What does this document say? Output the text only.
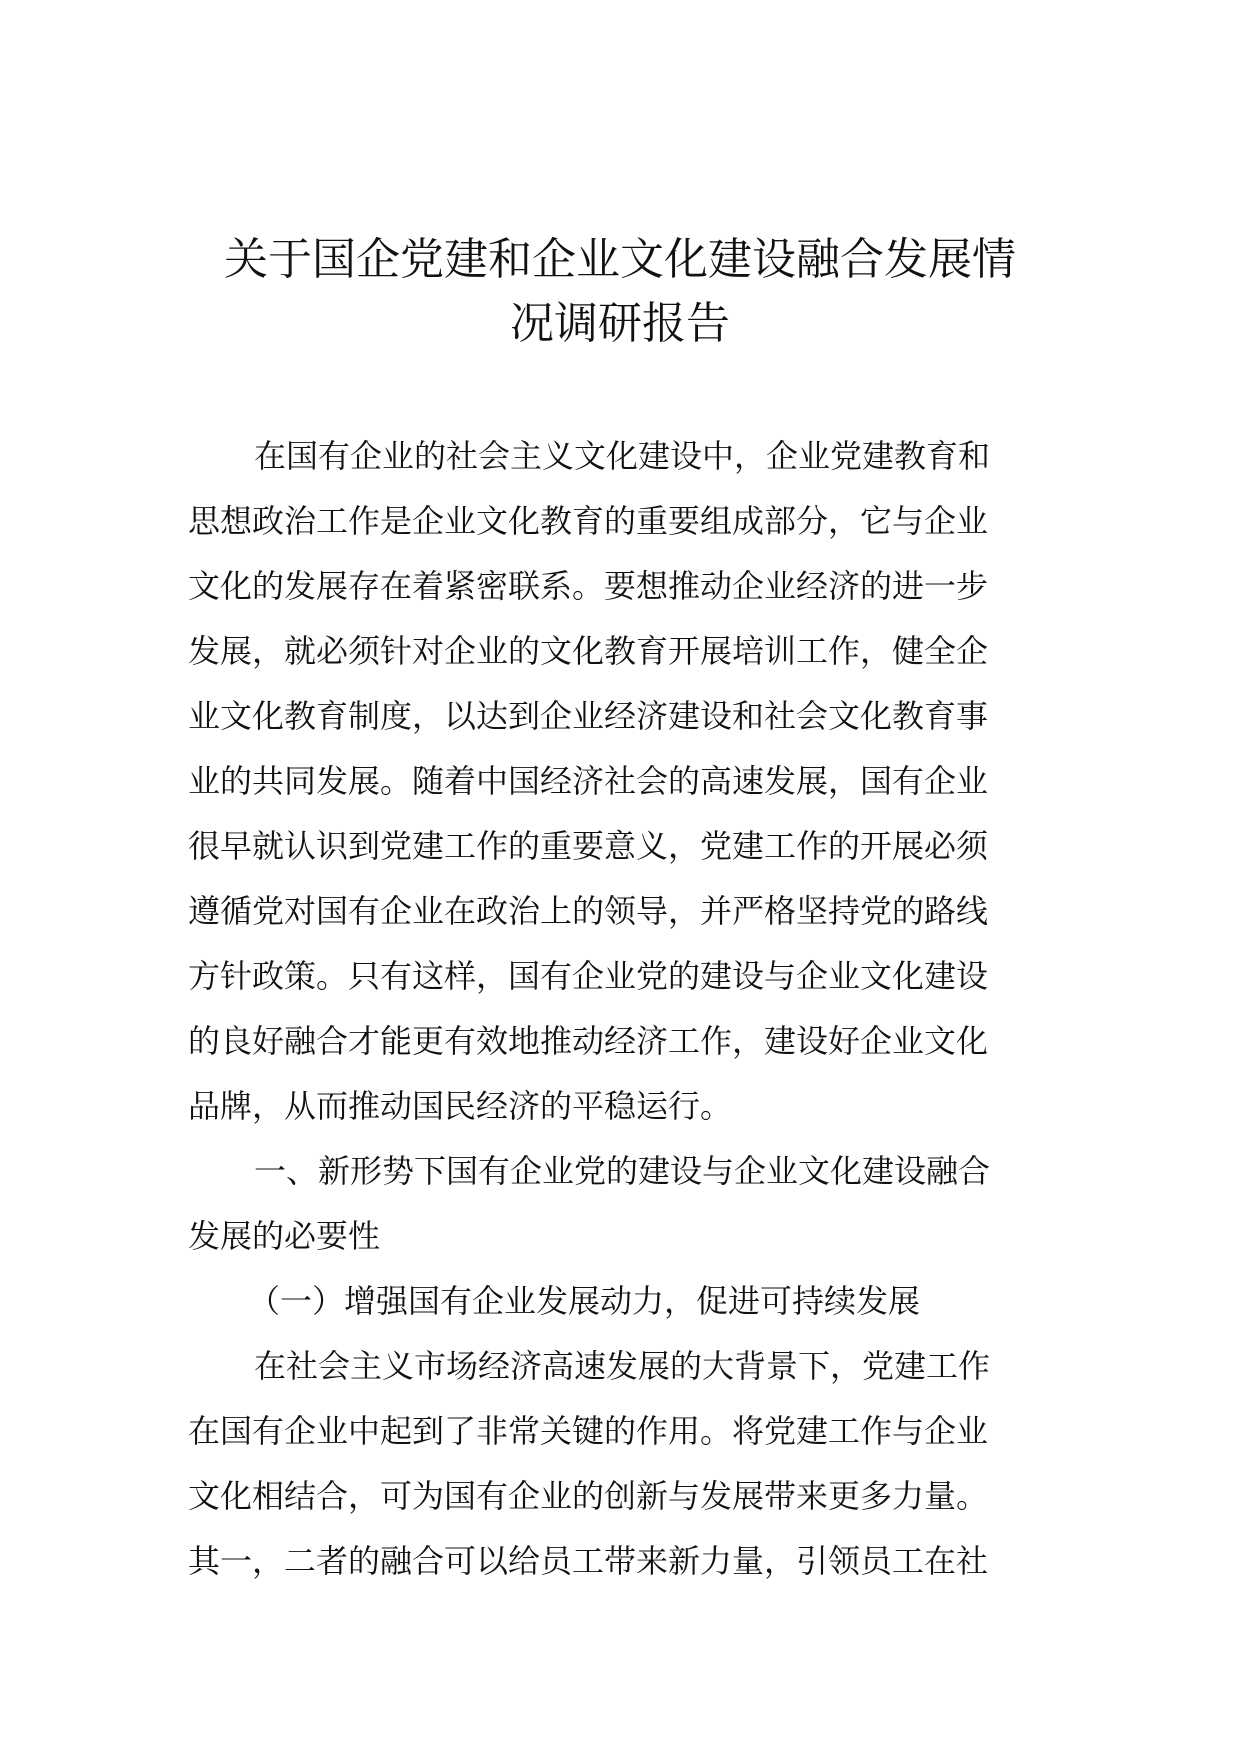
关于国企党建和企业文化建设融合发展情
况调研报告
在国有企业的社会主义文化建设中，企业党建教育和
思想政治工作是企业文化教育的重要组成部分，它与企业
文化的发展存在着紧密联系。要想推动企业经济的进一步
发展，就必须针对企业的文化教育开展培训工作，健全企
业文化教育制度，以达到企业经济建设和社会文化教育事
业的共同发展。随着中国经济社会的高速发展，国有企业
很早就认识到党建工作的重要意义，党建工作的开展必须
遵循党对国有企业在政治上的领导，并严格坚持党的路线
方针政策。只有这样，国有企业党的建设与企业文化建设
的良好融合才能更有效地推动经济工作，建设好企业文化
品牌，从而推动国民经济的平稳运行。
一、新形势下国有企业党的建设与企业文化建设融合
发展的必要性
（一）增强国有企业发展动力，促进可持续发展
在社会主义市场经济高速发展的大背景下，党建工作
在国有企业中起到了非常关键的作用。将党建工作与企业
文化相结合，可为国有企业的创新与发展带来更多力量。
其一，二者的融合可以给员工带来新力量，引领员工在社
